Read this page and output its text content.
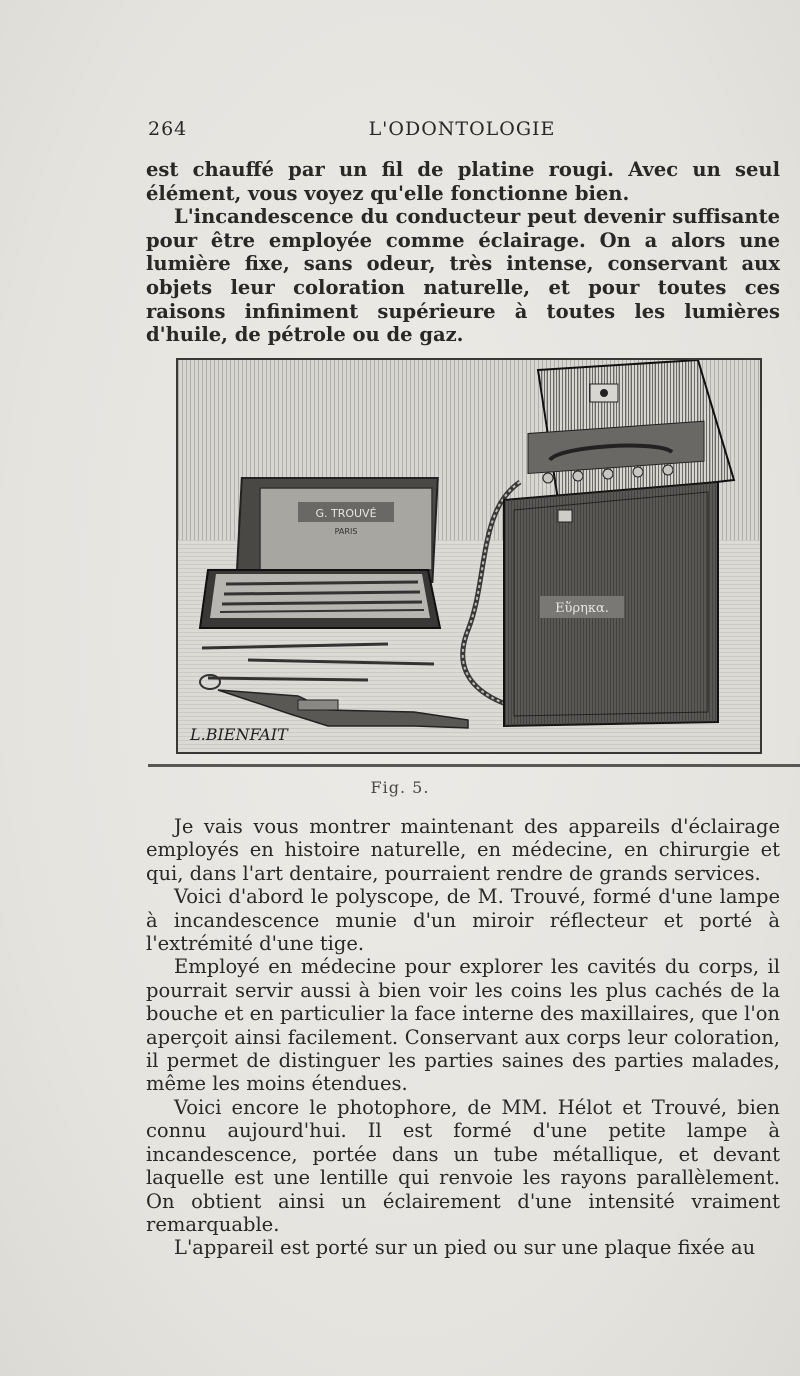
264	L'ODONTOLOGIE

est chauffé par un fil de platine rougi. Avec un seul élément, vous voyez qu'elle fonctionne bien.

L'incandescence du conducteur peut devenir suffisante pour être employée comme éclairage. On a alors une lumière fixe, sans odeur, très intense, conservant aux objets leur coloration naturelle, et pour toutes ces raisons infiniment supérieure à toutes les lumières d'huile, de pétrole ou de gaz.

G. TROUVÉ
PARIS
Εὕρηκα.
L.BIENFAIT
Fig. 5.

Je vais vous montrer maintenant des appareils d'éclairage employés en histoire naturelle, en médecine, en chirurgie et qui, dans l'art dentaire, pourraient rendre de grands services.

Voici d'abord le polyscope, de M. Trouvé, formé d'une lampe à incandescence munie d'un miroir réflecteur et porté à l'extrémité d'une tige.

Employé en médecine pour explorer les cavités du corps, il pourrait servir aussi à bien voir les coins les plus cachés de la bouche et en particulier la face interne des maxillaires, que l'on aperçoit ainsi facilement. Conservant aux corps leur coloration, il permet de distinguer les parties saines des parties malades, même les moins étendues.

Voici encore le photophore, de MM. Hélot et Trouvé, bien connu aujourd'hui. Il est formé d'une petite lampe à incandescence, portée dans un tube métallique, et devant laquelle est une lentille qui renvoie les rayons parallèlement. On obtient ainsi un éclairement d'une intensité vraiment remarquable.

L'appareil est porté sur un pied ou sur une plaque fixée au
